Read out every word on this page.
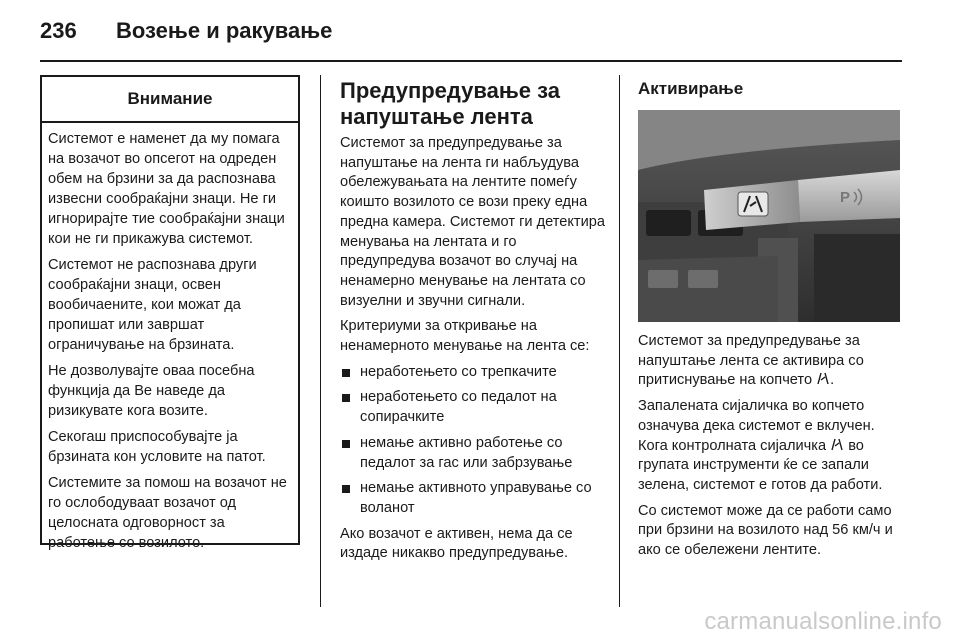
236 Возење и ракување
Внимание

Системот е наменет да му помага на возачот во опсегот на одреден обем на брзини за да распознава извесни сообраќајни знаци. Не ги игнорирајте тие сообраќајни знаци кои не ги прикажува системот.

Системот не распознава други сообраќајни знаци, освен вообичаените, кои можат да пропишат или завршат ограничување на брзината.

Не дозволувајте оваа посебна функција да Ве наведе да ризикувате кога возите.

Секогаш приспособувајте ја брзината кон условите на патот.

Системите за помош на возачот не го ослободуваат возачот од целосната одговорност за работење со возилото.

Предупредување за напуштање лента

Системот за предупредување за напуштање на лента ги набљудува обележувањата на лентите помеѓу коишто возилото се вози преку една предна камера. Системот ги детектира менувања на лентата и го предупредува возачот во случај на ненамерно менување на лентата со визуелни и звучни сигнали.

Критериуми за откривање на ненамерното менување на лента се:

неработењето со трепкачите
неработењето со педалот на сопирачките
немање активно работење со педалот за гас или забрзување
немање активното управување со воланот

Ако возачот е активен, нема да се издаде никакво предупредување.

Активирање
P

Системот за предупредување за напуштање лента се активира со притиснување на копчето .

Запалената сијаличка во копчето означува дека системот е вклучен. Кога контролната сијаличка во групата инструменти ќе се запали зелена, системот е готов да работи.

Со системот може да се работи само при брзини на возилото над 56 км/ч и ако се обележени лентите.

carmanualsonline.info
